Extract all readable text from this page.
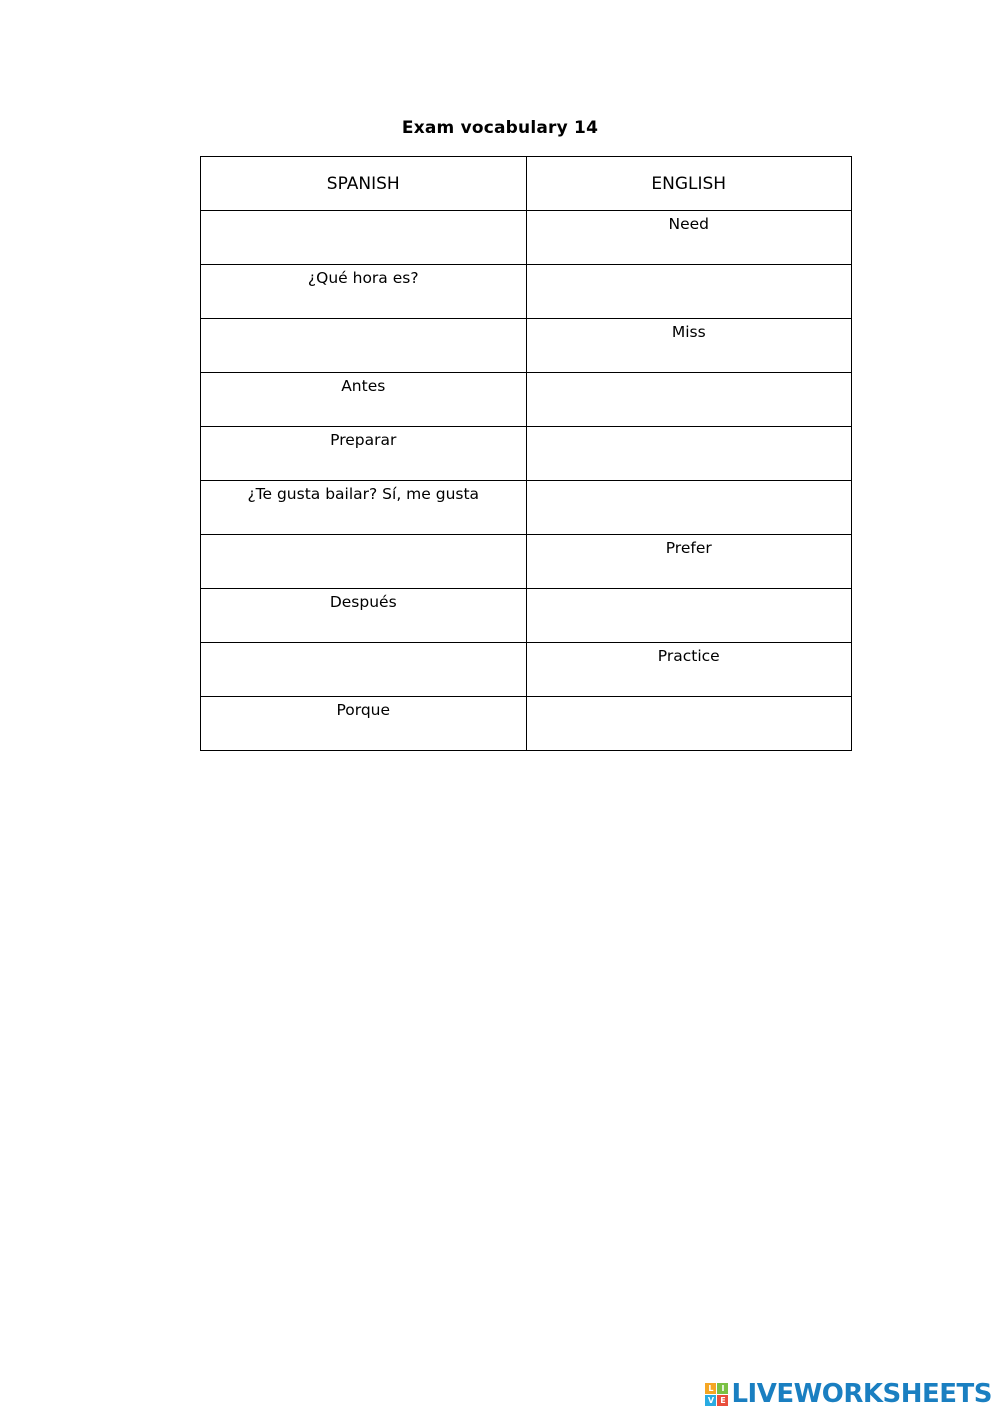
Exam vocabulary 14
SPANISH	ENGLISH

	Need

¿Qué hora es?	

	Miss

Antes	

Preparar	

¿Te gusta bailar? Sí, me gusta	

	Prefer

Después	

	Practice

Porque	

L I
V E LIVEWORKSHEETS
